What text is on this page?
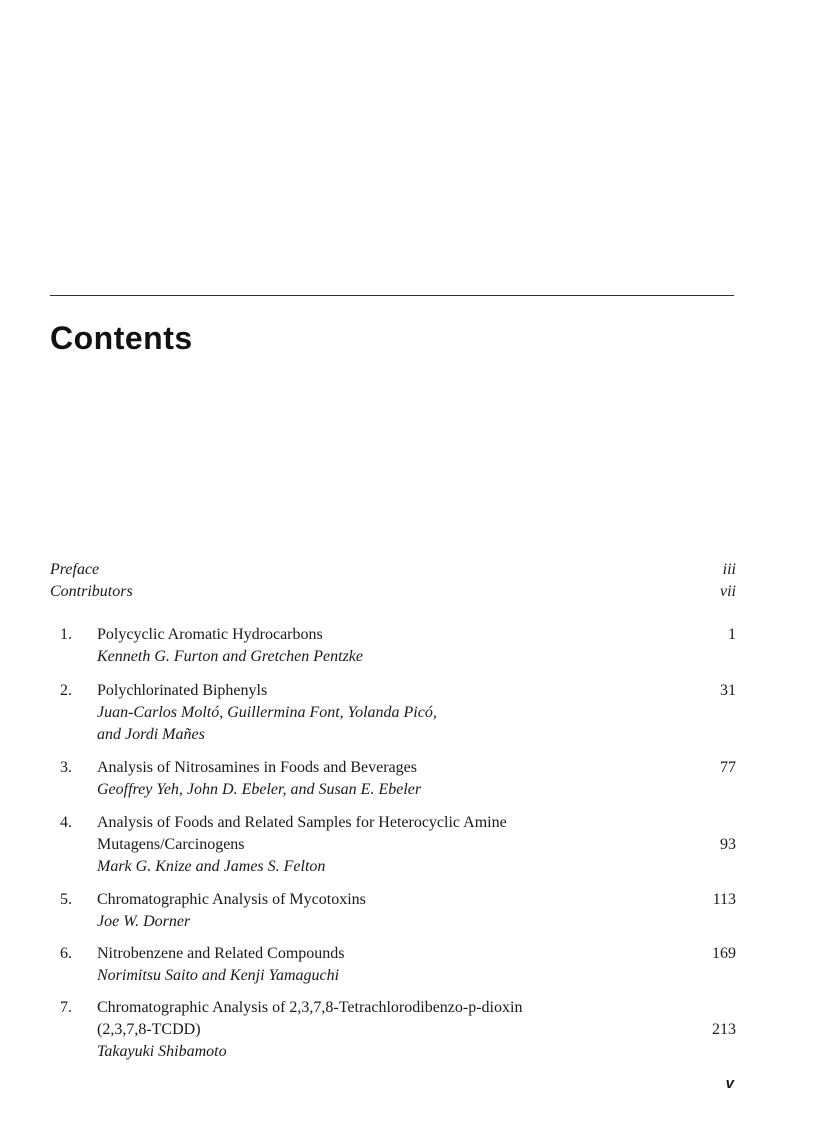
Contents
Preface	iii
Contributors	vii
1. Polycyclic Aromatic Hydrocarbons
Kenneth G. Furton and Gretchen Pentzke
1
2. Polychlorinated Biphenyls
Juan-Carlos Moltó, Guillermina Font, Yolanda Picó,
and Jordi Mañes
31
3. Analysis of Nitrosamines in Foods and Beverages
Geoffrey Yeh, John D. Ebeler, and Susan E. Ebeler
77
4. Analysis of Foods and Related Samples for Heterocyclic Amine
Mutagens/Carcinogens
Mark G. Knize and James S. Felton
93
5. Chromatographic Analysis of Mycotoxins
Joe W. Dorner
113
6. Nitrobenzene and Related Compounds
Norimitsu Saito and Kenji Yamaguchi
169
7. Chromatographic Analysis of 2,3,7,8-Tetrachlorodibenzo-p-dioxin
(2,3,7,8-TCDD)
Takayuki Shibamoto
213
v
